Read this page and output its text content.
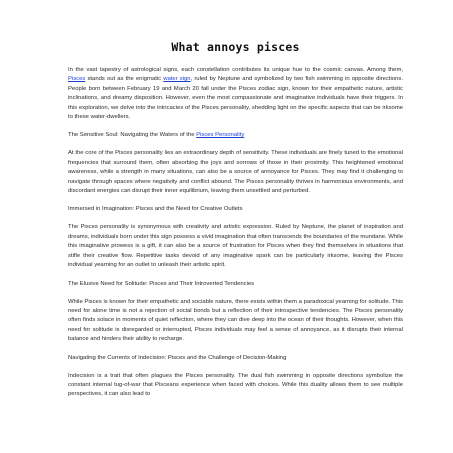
What annoys pisces

In the vast tapestry of astrological signs, each constellation contributes its unique hue to the cosmic canvas. Among them, Pisces stands out as the enigmatic water sign, ruled by Neptune and symbolized by two fish swimming in opposite directions. People born between February 19 and March 20 fall under the Pisces zodiac sign, known for their empathetic nature, artistic inclinations, and dreamy disposition. However, even the most compassionate and imaginative individuals have their triggers. In this exploration, we delve into the intricacies of the Pisces personality, shedding light on the specific aspects that can be irksome to these water-dwellers.

The Sensitive Soul: Navigating the Waters of the Pisces Personality

At the core of the Pisces personality lies an extraordinary depth of sensitivity. These individuals are finely tuned to the emotional frequencies that surround them, often absorbing the joys and sorrows of those in their proximity. This heightened emotional awareness, while a strength in many situations, can also be a source of annoyance for Pisces. They may find it challenging to navigate through spaces where negativity and conflict abound. The Pisces personality thrives in harmonious environments, and discordant energies can disrupt their inner equilibrium, leaving them unsettled and perturbed.

Immersed in Imagination: Pisces and the Need for Creative Outlets

The Pisces personality is synonymous with creativity and artistic expression. Ruled by Neptune, the planet of inspiration and dreams, individuals born under this sign possess a vivid imagination that often transcends the boundaries of the mundane. While this imaginative prowess is a gift, it can also be a source of frustration for Pisces when they find themselves in situations that stifle their creative flow. Repetitive tasks devoid of any imaginative spark can be particularly irksome, leaving the Pisces individual yearning for an outlet to unleash their artistic spirit.

The Elusive Need for Solitude: Pisces and Their Introverted Tendencies

While Pisces is known for their empathetic and sociable nature, there exists within them a paradoxical yearning for solitude. This need for alone time is not a rejection of social bonds but a reflection of their introspective tendencies. The Pisces personality often finds solace in moments of quiet reflection, where they can dive deep into the ocean of their thoughts. However, when this need for solitude is disregarded or interrupted, Pisces individuals may feel a sense of annoyance, as it disrupts their internal balance and hinders their ability to recharge.

Navigating the Currents of Indecision: Pisces and the Challenge of Decision-Making

Indecision is a trait that often plagues the Pisces personality. The dual fish swimming in opposite directions symbolize the constant internal tug-of-war that Pisceans experience when faced with choices. While this duality allows them to see multiple perspectives, it can also lead to
